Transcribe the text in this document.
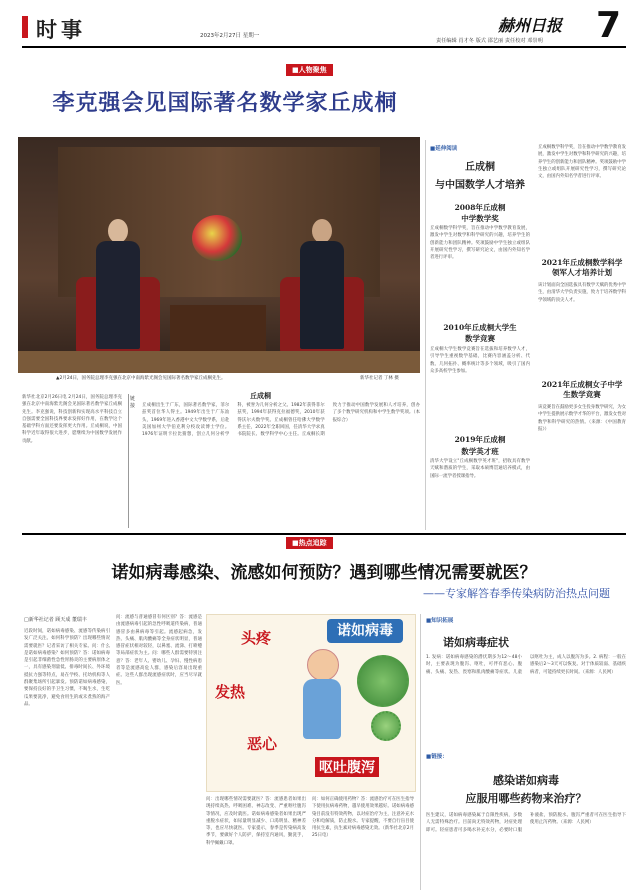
时事	2023年2月27日 星期一
赫州日报 7
责任编辑 肖才冬 版式 邵艺丽 责任校对 邓崇明
■人物聚焦
李克强会见国际著名数学家丘成桐
▲2月24日，国务院总理李克强在北京中南海紫光阁会见国际著名数学家丘成桐先生。	新华社记者 丁林 摄
新华社北京2月26日电 2月24日，国务院总理李克强在北京中南海紫光阁会见国际著名数学家丘成桐先生。李克强说，科技创新和实现高水平科技自立自强需要全国科技界要求发挥好作用，在数学这个基础学科方面还要发挥更大作用。丘成桐说，中国科学近年取得很大进步，愿继续为中国数学发展作贡献。
链接
丘成桐
丘成桐出生于广东，国际著名数学家，菲尔兹奖首位华人得主。1949年出生于广东汕头，1969年进入香港中文大学数学系，后赴美国加州大学伯克利分校攻读博士学位。1976年证明卡拉比猜想，创立几何分析学科，被誉为几何分析之父。1982年获得菲尔兹奖，1994年获得克拉福德奖，2010年获得沃尔夫数学奖。丘成桐曾任哈佛大学数学系主任，2022年全职回国，任清华大学求真书院院长、数学科学中心主任。丘成桐长期致力于推动中国数学发展和人才培养，创办了多个数学研究机构和中学生数学奖项。（本报综合）
■延伸阅读
丘成桐
与中国数学人才培养
2008年丘成桐
中学数学奖
丘成桐数学科学奖，旨在推动中学数学教育发展，激发中学生对数学和科学研究的兴趣，培养学生的创新能力和团队精神。奖项鼓励中学生独立或组队开展研究性学习，撰写研究论文，由国内外知名学者进行评审。
2010年丘成桐大学生
数学竞赛
丘成桐大学生数学竞赛旨在选拔和培养数学人才，引导学生重视数学基础，比赛内容涵盖分析、代数、几何拓扑、概率统计等多个领域，吸引了国内众多高校学生参加。
2019年丘成桐
数学英才班
清华大学设立"丘成桐数学英才班"，招收具有数学天赋和潜质的学生，采取本硕博贯通培养模式，由国际一流学者授课指导。
丘成桐数学科学奖，旨在推动中学数学教育发展，激发中学生对数学和科学研究的兴趣，培养学生的创新能力和团队精神。奖项鼓励中学生独立或组队开展研究性学习，撰写研究论文，由国内外知名学者进行评审。
2021年丘成桐数学科学领军人才培养计划
该计划面向全国选拔具有数学天赋的优秀中学生，由清华大学负责实施，致力于培养数学科学领域的顶尖人才。
2021年丘成桐女子中学生数学竞赛
该竞赛旨在鼓励更多女生投身数学研究，为女中学生提供展示数学才华的平台，激发女性对数学和科学研究的热情。（来源：《中国教育报》）
■热点追踪
诺如病毒感染、流感如何预防？遇到哪些情况需要就医？
——专家解答春季传染病防治热点问题
□新华社记者 顾天成 董瑞丰
近段时间，诺如病毒感染、流感等传染病引发广泛关注。如何科学预防？出现哪些情况需要就医？记者采访了相关专家。问：什么是诺如病毒感染？如何预防？答：诺如病毒是引起非细菌性急性胃肠炎的主要病原体之一，具有感染剂量低、排毒时间长、外环境抵抗力强等特点，易在学校、托幼机构等人群聚集场所引起暴发。预防诺如病毒感染，要保持良好的手卫生习惯，不喝生水，生吃瓜果要洗净，避免食用生的或未煮熟的海产品。
问：流感与普通感冒有何区别？答：流感是由流感病毒引起的急性呼吸道传染病，普通感冒多由鼻病毒等引起。流感起病急，发热、头痛、肌肉酸痛等全身症状明显，普通感冒症状相对较轻，以鼻塞、流涕、打喷嚏等局部症状为主。问：哪些人群需要特别注意？答：老年人、婴幼儿、孕妇、慢性病患者等是流感高危人群，感染后容易出现重症。这些人群出现流感症状时，应当尽早就医。
诺如病毒
头疼
发热
恶心
呕吐腹泻
问：出现哪些情况需要就医？答：流感患者如果出现持续高热、呼吸困难、神志改变、严重呕吐腹泻等情况，应及时就医。诺如病毒感染者如果出现严重脱水症状，如尿量明显减少、口渴明显、精神差等，也应尽快就医。专家提示，春季是传染病高发季节，要做好个人防护，保持室内通风，勤洗手，科学佩戴口罩。
问：如何正确使用药物？答：流感治疗可在医生指导下使用抗病毒药物，越早使用效果越好。诺如病毒感染目前没有特效药物，以对症治疗为主，注意补充水分和电解质，防止脱水。专家提醒，不要自行盲目使用抗生素，抗生素对病毒感染无效。（新华社北京2月25日电）
■知识拓展
诺如病毒症状
1. 发病：诺如病毒感染的潜伏期多为12～48小时，主要表现为腹泻、呕吐，可伴有恶心、腹痛、头痛、发热、畏寒和肌肉酸痛等症状。儿童以呕吐为主，成人以腹泻为多。2. 病程：一般在感染后2～3天可以恢复。对于体质较弱、基础疾病者，可能持续更长时间。（来源：人民网）
■链接：
感染诺如病毒
应服用哪些药物来治疗？
医生建议，诺如病毒感染属于自限性疾病，多数人无需特殊治疗。目前尚无特效药物，对症处理即可。轻症患者可多喝水补充水分，必要时口服补液盐，预防脱水。腹泻严重者可在医生指导下使用止泻药物。（来源：人民网）
